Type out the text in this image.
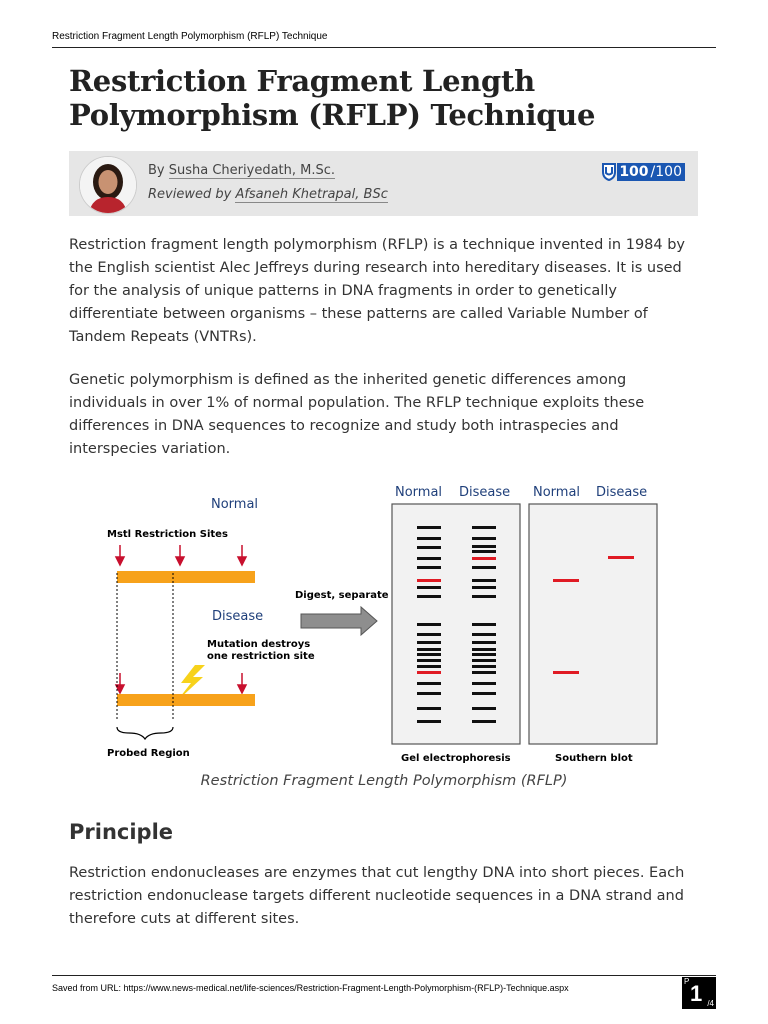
Restriction Fragment Length Polymorphism (RFLP) Technique
Restriction Fragment Length Polymorphism (RFLP) Technique
By Susha Cheriyedath, M.Sc.
Reviewed by Afsaneh Khetrapal, BSc
100 /100

Restriction fragment length polymorphism (RFLP) is a technique invented in 1984 by the English scientist Alec Jeffreys during research into hereditary diseases. It is used for the analysis of unique patterns in DNA fragments in order to genetically differentiate between organisms – these patterns are called Variable Number of Tandem Repeats (VNTRs).

Genetic polymorphism is defined as the inherited genetic differences among individuals in over 1% of normal population. The RFLP technique exploits these differences in DNA sequences to recognize and study both intraspecies and interspecies variation.

Normal
Mstl Restriction Sites
Disease
Mutation destroys
one restriction site
Probed Region
Digest, separate
Normal Disease Normal Disease
Gel electrophoresis	Southern blot
Restriction Fragment Length Polymorphism (RFLP)
Principle

Restriction endonucleases are enzymes that cut lengthy DNA into short pieces. Each restriction endonuclease targets different nucleotide sequences in a DNA strand and therefore cuts at different sites.

Saved from URL: https://www.news-medical.net/life-sciences/Restriction-Fragment-Length-Polymorphism-(RFLP)-Technique.aspx
P 1 /4
